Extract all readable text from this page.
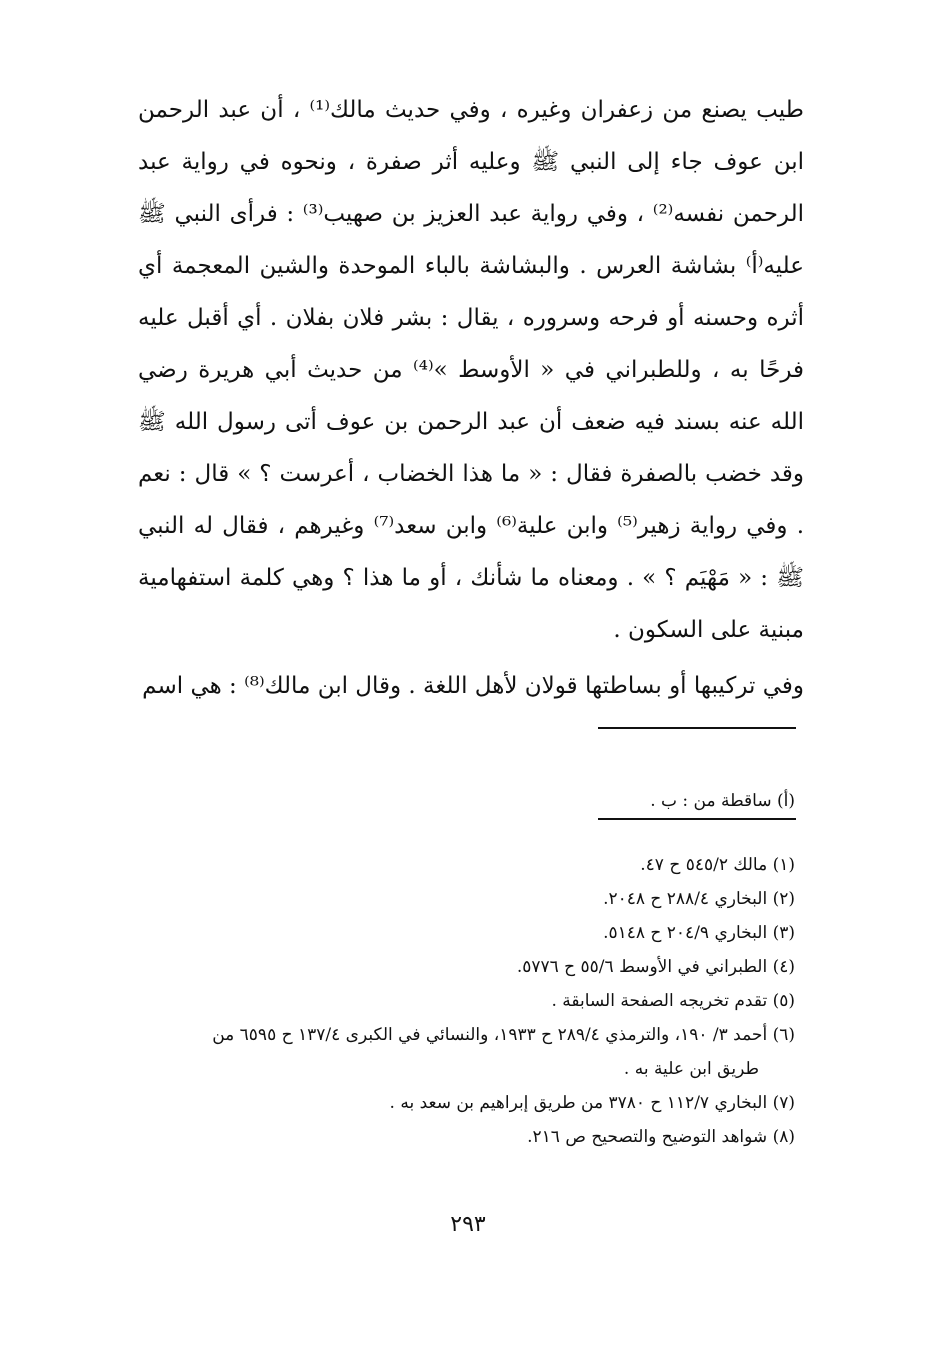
طيب يصنع من زعفران وغيره ، وفي حديث مالك⁽¹⁾ ، أن عبد الرحمن ابن عوف جاء إلى النبي ﷺ وعليه أثر صفرة ، ونحوه في رواية عبد الرحمن نفسه⁽²⁾ ، وفي رواية عبد العزيز بن صهيب⁽³⁾ : فرأى النبي ﷺ عليه⁽أ⁾ بشاشة العرس . والبشاشة بالباء الموحدة والشين المعجمة أي أثره وحسنه أو فرحه وسروره ، يقال : بشر فلان بفلان . أي أقبل عليه فرحًا به ، وللطبراني في « الأوسط »⁽⁴⁾ من حديث أبي هريرة رضي الله عنه بسند فيه ضعف أن عبد الرحمن بن عوف أتى رسول الله ﷺ وقد خضب بالصفرة فقال : « ما هذا الخضاب ، أعرست ؟ » قال : نعم . وفي رواية زهير⁽⁵⁾ وابن علية⁽⁶⁾ وابن سعد⁽⁷⁾ وغيرهم ، فقال له النبي ﷺ : « مَهْيَم ؟ » . ومعناه ما شأنك ، أو ما هذا ؟ وهي كلمة استفهامية مبنية على السكون .

وفي تركيبها أو بساطتها قولان لأهل اللغة . وقال ابن مالك⁽⁸⁾ : هي اسم
(أ) ساقطة من : ب .

(١) مالك ٥٤٥/٢ ح ٤٧.

(٢) البخاري ٢٨٨/٤ ح ٢٠٤٨.

(٣) البخاري ٢٠٤/٩ ح ٥١٤٨.

(٤) الطبراني في الأوسط ٥٥/٦ ح ٥٧٧٦.

(٥) تقدم تخريجه الصفحة السابقة .

(٦) أحمد ٣/ ١٩٠، والترمذي ٢٨٩/٤ ح ١٩٣٣، والنسائي في الكبرى ١٣٧/٤ ح ٦٥٩٥ من

طريق ابن علية به .

(٧) البخاري ١١٢/٧ ح ٣٧٨٠ من طريق إبراهيم بن سعد به .

(٨) شواهد التوضيح والتصحيح ص ٢١٦.

٢٩٣
